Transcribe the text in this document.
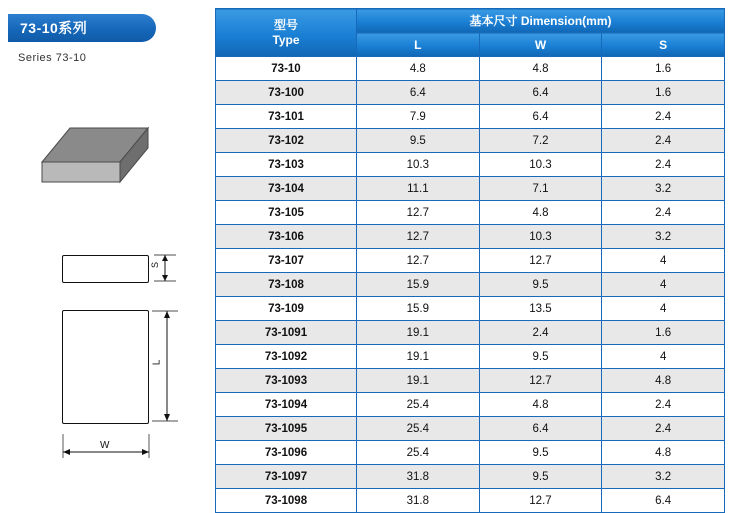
73-10系列
Series 73-10
S
L
W
型号
Type	基本尺寸 Dimension(mm)		
	L	W	S
73-10	4.8	4.8	1.6
73-100	6.4	6.4	1.6
73-101	7.9	6.4	2.4
73-102	9.5	7.2	2.4
73-103	10.3	10.3	2.4
73-104	11.1	7.1	3.2
73-105	12.7	4.8	2.4
73-106	12.7	10.3	3.2
73-107	12.7	12.7	4
73-108	15.9	9.5	4
73-109	15.9	13.5	4
73-1091	19.1	2.4	1.6
73-1092	19.1	9.5	4
73-1093	19.1	12.7	4.8
73-1094	25.4	4.8	2.4
73-1095	25.4	6.4	2.4
73-1096	25.4	9.5	4.8
73-1097	31.8	9.5	3.2
73-1098	31.8	12.7	6.4
